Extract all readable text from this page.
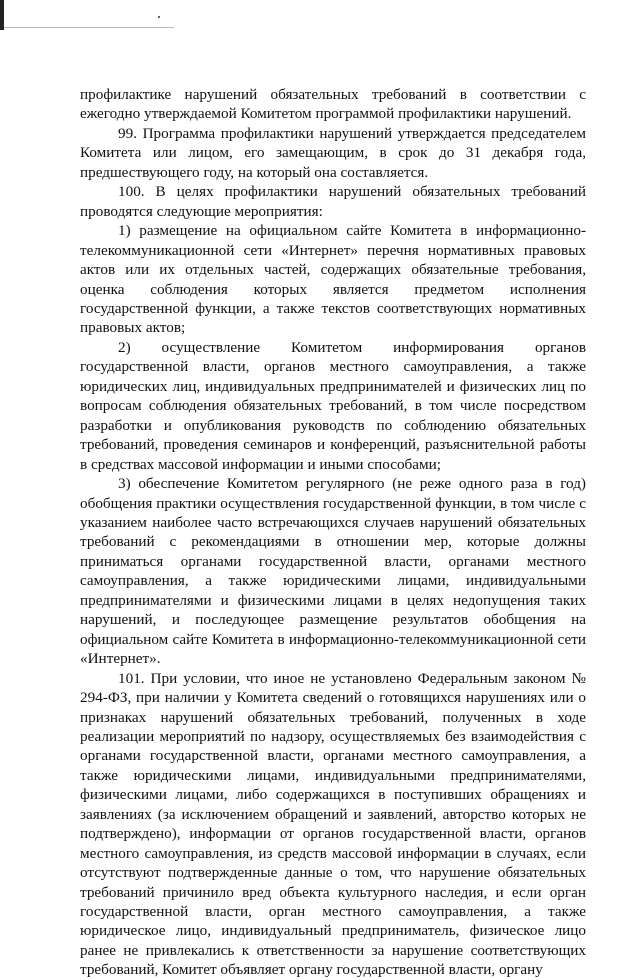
профилактике нарушений обязательных требований в соответствии с ежегодно утверждаемой Комитетом программой профилактики нарушений.

99. Программа профилактики нарушений утверждается председателем Комитета или лицом, его замещающим, в срок до 31 декабря года, предшествующего году, на который она составляется.

100. В целях профилактики нарушений обязательных требований проводятся следующие мероприятия:

1) размещение на официальном сайте Комитета в информационно-телекоммуникационной сети «Интернет» перечня нормативных правовых актов или их отдельных частей, содержащих обязательные требования, оценка соблюдения которых является предметом исполнения государственной функции, а также текстов соответствующих нормативных правовых актов;

2) осуществление Комитетом информирования органов государственной власти, органов местного самоуправления, а также юридических лиц, индивидуальных предпринимателей и физических лиц по вопросам соблюдения обязательных требований, в том числе посредством разработки и опубликования руководств по соблюдению обязательных требований, проведения семинаров и конференций, разъяснительной работы в средствах массовой информации и иными способами;

3) обеспечение Комитетом регулярного (не реже одного раза в год) обобщения практики осуществления государственной функции, в том числе с указанием наиболее часто встречающихся случаев нарушений обязательных требований с рекомендациями в отношении мер, которые должны приниматься органами государственной власти, органами местного самоуправления, а также юридическими лицами, индивидуальными предпринимателями и физическими лицами в целях недопущения таких нарушений, и последующее размещение результатов обобщения на официальном сайте Комитета в информационно-телекоммуникационной сети «Интернет».

101. При условии, что иное не установлено Федеральным законом № 294-ФЗ, при наличии у Комитета сведений о готовящихся нарушениях или о признаках нарушений обязательных требований, полученных в ходе реализации мероприятий по надзору, осуществляемых без взаимодействия с органами государственной власти, органами местного самоуправления, а также юридическими лицами, индивидуальными предпринимателями, физическими лицами, либо содержащихся в поступивших обращениях и заявлениях (за исключением обращений и заявлений, авторство которых не подтверждено), информации от органов государственной власти, органов местного самоуправления, из средств массовой информации в случаях, если отсутствуют подтвержденные данные о том, что нарушение обязательных требований причинило вред объекта культурного наследия, и если орган государственной власти, орган местного самоуправления, а также юридическое лицо, индивидуальный предприниматель, физическое лицо ранее не привлекались к ответственности за нарушение соответствующих требований, Комитет объявляет органу государственной власти, органу
